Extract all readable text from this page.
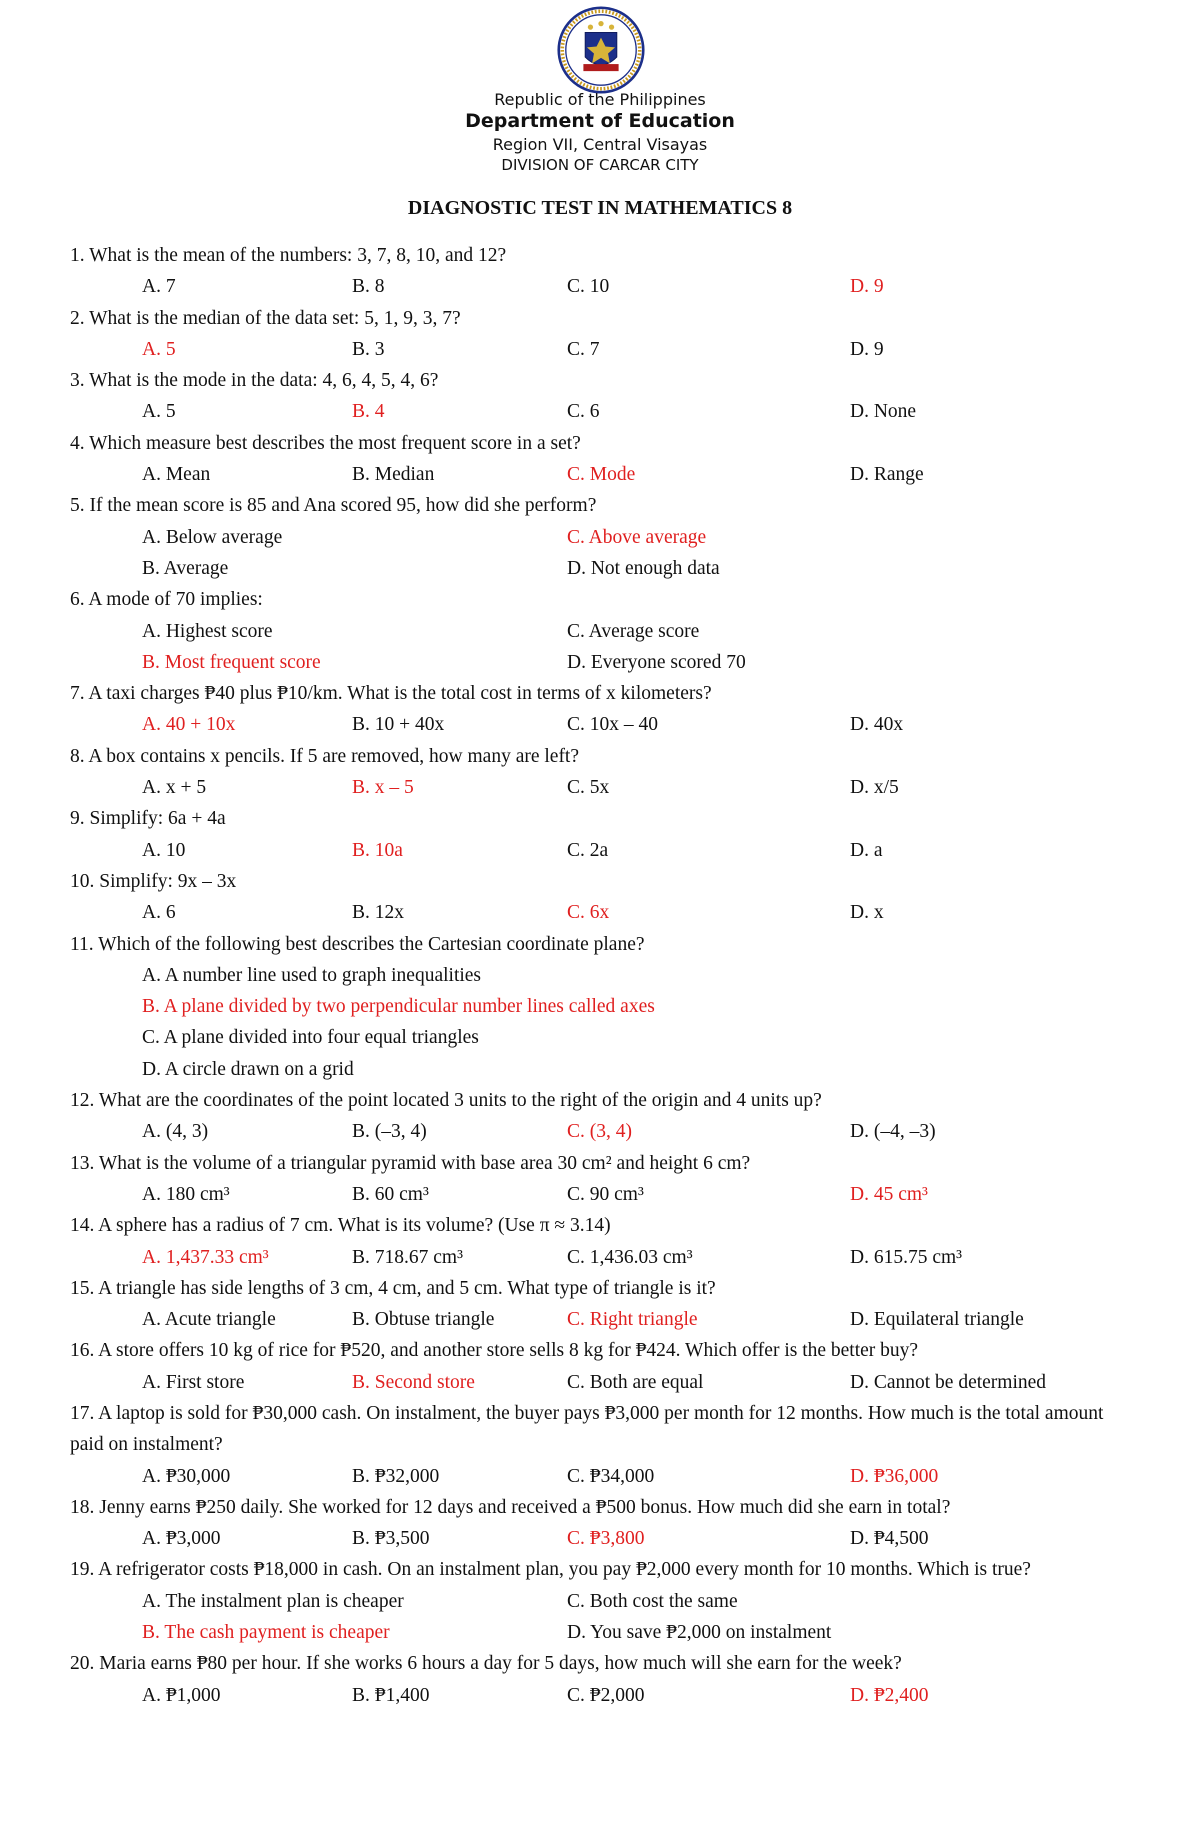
Republic of the Philippines
Department of Education
Region VII, Central Visayas
DIVISION OF CARCAR CITY
DIAGNOSTIC TEST IN MATHEMATICS 8
1. What is the mean of the numbers: 3, 7, 8, 10, and 12?
A. 7	B. 8	C. 10	D. 9
2. What is the median of the data set: 5, 1, 9, 3, 7?
A. 5	B. 3	C. 7	D. 9
3. What is the mode in the data: 4, 6, 4, 5, 4, 6?
A. 5	B. 4	C. 6	D. None
4. Which measure best describes the most frequent score in a set?
A. Mean	B. Median	C. Mode	D. Range
5. If the mean score is 85 and Ana scored 95, how did she perform?
A. Below average	C. Above average
B. Average	D. Not enough data
6. A mode of 70 implies:
A. Highest score	C. Average score
B. Most frequent score	D. Everyone scored 70
7. A taxi charges ₱40 plus ₱10/km. What is the total cost in terms of x kilometers?
A. 40 + 10x	B. 10 + 40x	C. 10x – 40	D. 40x
8. A box contains x pencils. If 5 are removed, how many are left?
A. x + 5	B. x – 5	C. 5x	D. x/5
9. Simplify: 6a + 4a
A. 10	B. 10a	C. 2a	D. a
10. Simplify: 9x – 3x
A. 6	B. 12x	C. 6x	D. x
11. Which of the following best describes the Cartesian coordinate plane?
A. A number line used to graph inequalities
B. A plane divided by two perpendicular number lines called axes
C. A plane divided into four equal triangles
D. A circle drawn on a grid
12. What are the coordinates of the point located 3 units to the right of the origin and 4 units up?
A. (4, 3)	B. (–3, 4)	C. (3, 4)	D. (–4, –3)
13. What is the volume of a triangular pyramid with base area 30 cm² and height 6 cm?
A. 180 cm³	B. 60 cm³	C. 90 cm³	D. 45 cm³
14. A sphere has a radius of 7 cm. What is its volume? (Use π ≈ 3.14)
A. 1,437.33 cm³	B. 718.67 cm³	C. 1,436.03 cm³	D. 615.75 cm³
15. A triangle has side lengths of 3 cm, 4 cm, and 5 cm. What type of triangle is it?
A. Acute triangle	B. Obtuse triangle	C. Right triangle	D. Equilateral triangle
16. A store offers 10 kg of rice for ₱520, and another store sells 8 kg for ₱424. Which offer is the better buy?
A. First store	B. Second store	C. Both are equal	D. Cannot be determined
17. A laptop is sold for ₱30,000 cash. On instalment, the buyer pays ₱3,000 per month for 12 months. How much is the total amount paid on instalment?
A. ₱30,000	B. ₱32,000	C. ₱34,000	D. ₱36,000
18. Jenny earns ₱250 daily. She worked for 12 days and received a ₱500 bonus. How much did she earn in total?
A. ₱3,000	B. ₱3,500	C. ₱3,800	D. ₱4,500
19. A refrigerator costs ₱18,000 in cash. On an instalment plan, you pay ₱2,000 every month for 10 months. Which is true?
A. The instalment plan is cheaper	C. Both cost the same
B. The cash payment is cheaper	D. You save ₱2,000 on instalment
20. Maria earns ₱80 per hour. If she works 6 hours a day for 5 days, how much will she earn for the week?
A. ₱1,000	B. ₱1,400	C. ₱2,000	D. ₱2,400
